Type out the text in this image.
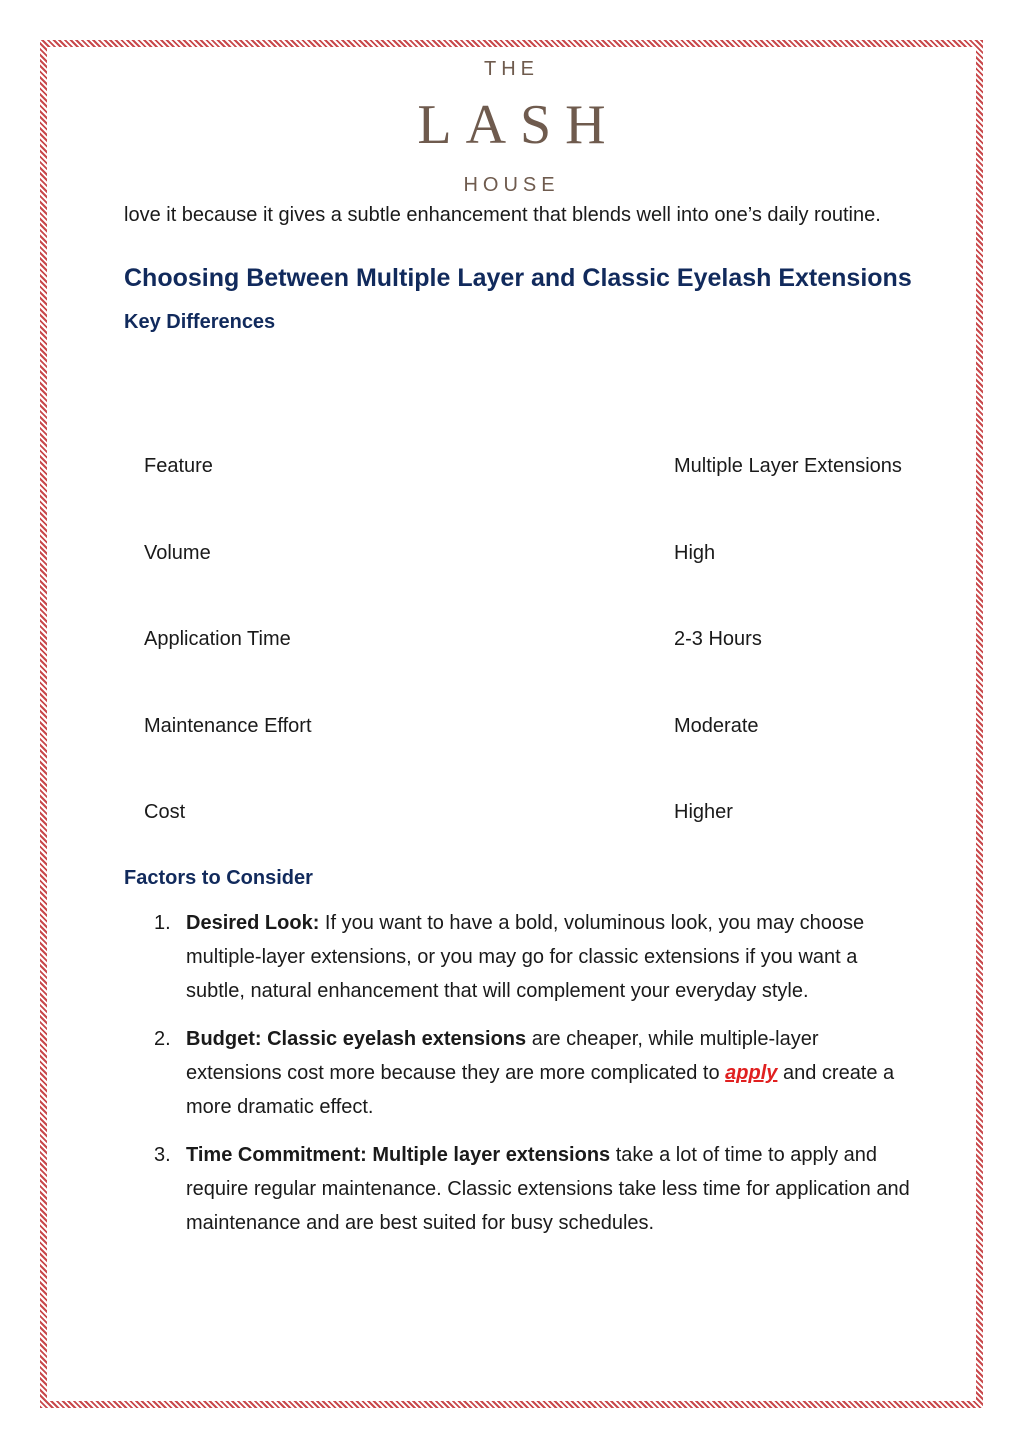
THE
LASH
HOUSE

love it because it gives a subtle enhancement that blends well into one’s daily routine.

Choosing Between Multiple Layer and Classic Eyelash Extensions
Key Differences
Feature	Multiple Layer Extensions
Volume	High
Application Time	2-3 Hours
Maintenance Effort	Moderate
Cost	Higher
Factors to Consider
1. Desired Look: If you want to have a bold, voluminous look, you may choose multiple-layer extensions, or you may go for classic extensions if you want a subtle, natural enhancement that will complement your everyday style.
2. Budget: Classic eyelash extensions are cheaper, while multiple-layer extensions cost more because they are more complicated to apply and create a more dramatic effect.
3. Time Commitment: Multiple layer extensions take a lot of time to apply and require regular maintenance. Classic extensions take less time for application and maintenance and are best suited for busy schedules.
